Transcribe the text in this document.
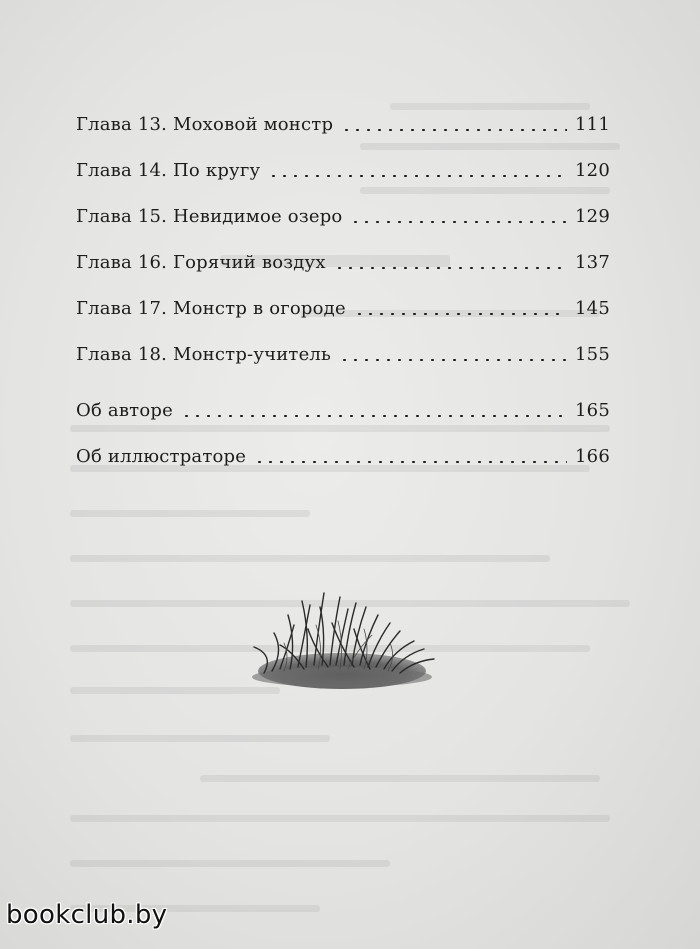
Глава 13. Моховой монстр	111
Глава 14. По кругу	120
Глава 15. Невидимое озеро	129
Глава 16. Горячий воздух	137
Глава 17. Монстр в огороде	145
Глава 18. Монстр-учитель	155
Об авторе	165
Об иллюстраторе	166
bookclub.by
